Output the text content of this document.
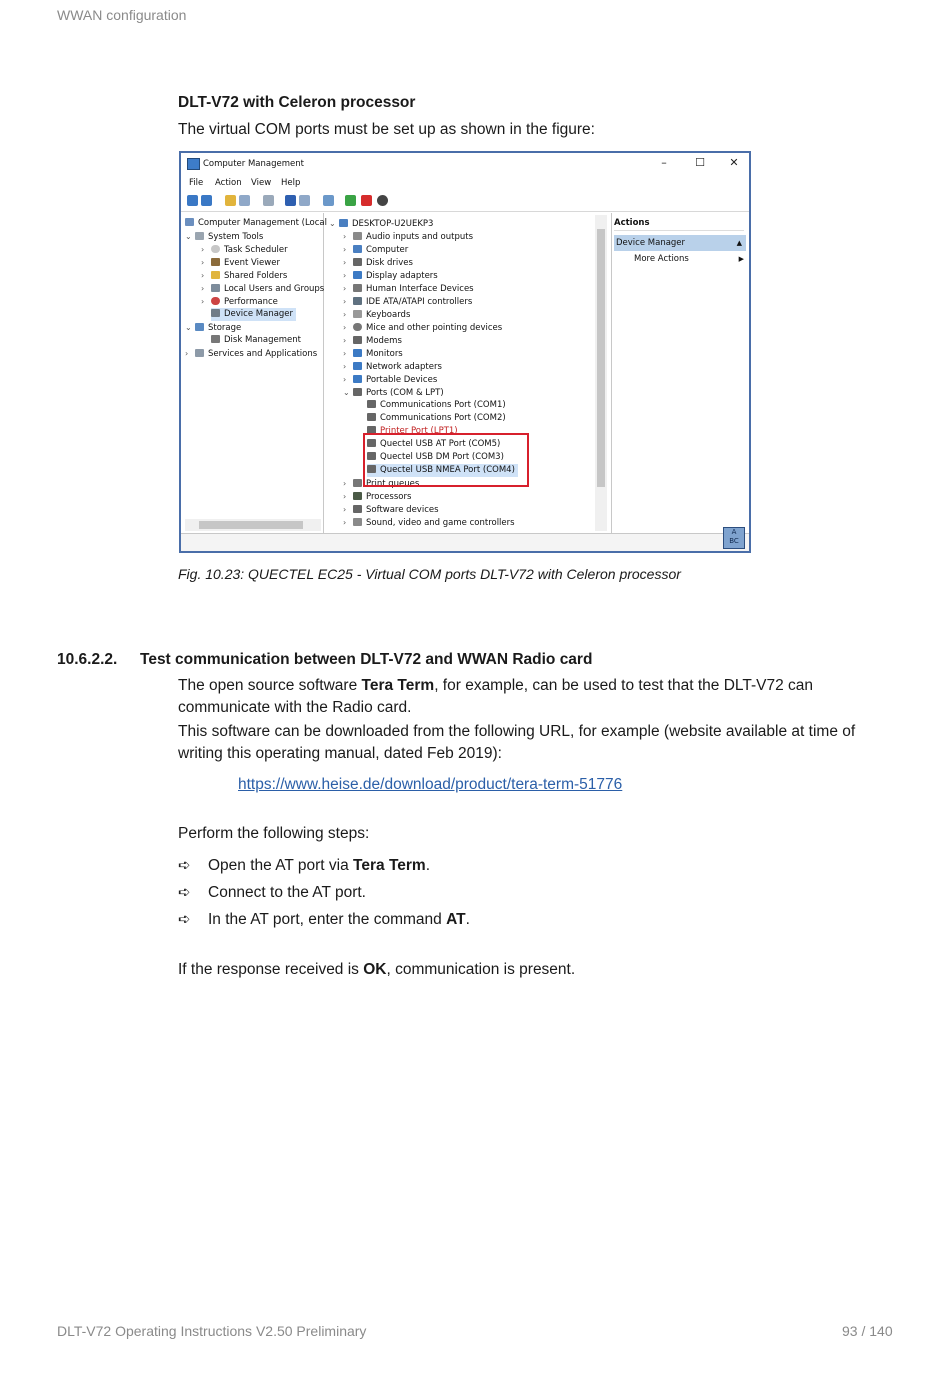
WWAN configuration
DLT-V72 with Celeron processor
The virtual COM ports must be set up as shown in the figure:
Computer Management	–	☐	✕
File Action View Help
Computer Management (Local
⌄ System Tools
› Task Scheduler
› Event Viewer
› Shared Folders
› Local Users and Groups
› Performance
Device Manager
⌄ Storage
Disk Management
› Services and Applications
⌄ DESKTOP-U2UEKP3
› Audio inputs and outputs
› Computer
› Disk drives
› Display adapters
› Human Interface Devices
› IDE ATA/ATAPI controllers
› Keyboards
› Mice and other pointing devices
› Modems
› Monitors
› Network adapters
› Portable Devices
⌄ Ports (COM & LPT)
Communications Port (COM1)
Communications Port (COM2)
Printer Port (LPT1)
Quectel USB AT Port (COM5)
Quectel USB DM Port (COM3)
Quectel USB NMEA Port (COM4)
› Print queues
› Processors
› Software devices
› Sound, video and game controllers
Actions
Device Manager	▲
More Actions	▶
A
BC
Fig. 10.23: QUECTEL EC25 - Virtual COM ports DLT-V72 with Celeron processor
10.6.2.2. Test communication between DLT-V72 and WWAN Radio card
The open source software Tera Term, for example, can be used to test that the DLT-V72 can
communicate with the Radio card.
This software can be downloaded from the following URL, for example (website available at time of
writing this operating manual, dated Feb 2019):
https://www.heise.de/download/product/tera-term-51776
Perform the following steps:
➪ Open the AT port via Tera Term.
➪ Connect to the AT port.
➪ In the AT port, enter the command AT.
If the response received is OK, communication is present.
DLT-V72 Operating Instructions V2.50 Preliminary	93 / 140
